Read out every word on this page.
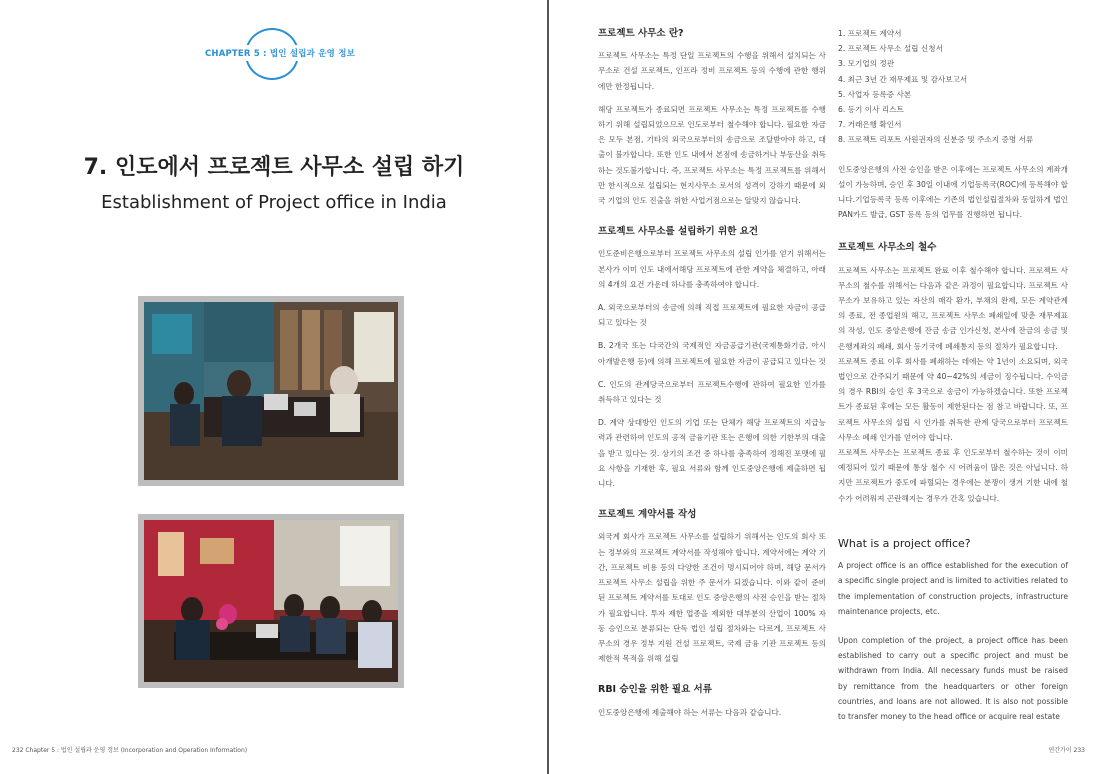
CHAPTER 5 : 법인 설립과 운영 정보
7. 인도에서 프로젝트 사무소 설립 하기
Establishment of Project office in India
232 Chapter 5 : 법인 설립과 운영 정보 (Incorporation and Operation Information)
프로젝트 사무소 란?

프로젝트 사무소는 특정 단일 프로젝트의 수행을 위해서 설치되는 사무소로 건설 프로젝트, 인프라 정비 프로젝트 등의 수행에 관한 행위에만 한정됩니다.

해당 프로젝트가 종료되면 프로젝트 사무소는 특정 프로젝트를 수행하기 위해 설립되었으므로 인도로부터 철수해야 합니다. 필요한 자금은 모두 본점, 기타의 외국으로부터의 송금으로 조달받아야 하고, 대출이 불가합니다. 또한 인도 내에서 본점에 송금하거나 부동산을 취득하는 것도불가합니다. 즉, 프로젝트 사무소는 특정 프로젝트를 위해서만 한시적으로 설립되는 현지사무소 로서의 성격이 강하기 때문에 외국 기업의 인도 진출을 위한 사업거점으로는 알맞지 않습니다.

프로젝트 사무소를 설립하기 위한 요건

인도준비은행으로부터 프로젝트 사무소의 설립 인가를 얻기 위해서는 본사가 이미 인도 내에서해당 프로젝트에 관한 계약을 체결하고, 아래의 4개의 요건 가운데 하나를 충족하여야 합니다.

A. 외국으로부터의 송금에 의해 직접 프로젝트에 필요한 자금이 공급되고 있다는 것

B. 2개국 또는 다국간의 국제적인 자금공급기관(국제통화기금, 아시아개발은행 등)에 의해 프로젝트에 필요한 자금이 공급되고 있다는 것

C. 인도의 관계당국으로부터 프로젝트수행에 관하여 필요한 인가를 취득하고 있다는 것

D. 계약 상대방인 인도의 기업 또는 단체가 해당 프로젝트의 지급능력과 관련하여 인도의 공적 금융기관 또는 은행에 의한 기한부의 대출을 받고 있다는 것. 상기의 조건 중 하나를 충족하여 정해진 포맷에 필요 사항을 기재한 후, 필요 서류와 함께 인도중앙은행에 제출하면 됩니다.

프로젝트 계약서를 작성

외국계 회사가 프로젝트 사무소를 설립하기 위해서는 인도의 회사 또는 정부와의 프로젝트 계약서를 작성해야 합니다. 계약서에는 계약 기간, 프로젝트 비용 등의 다양한 조건이 명시되어야 하며, 해당 문서가 프로젝트 사무소 설립을 위한 주 문서가 되겠습니다. 이와 같이 준비된 프로젝트 계약서를 토대로 인도 중앙은행의 사전 승인을 받는 절차가 필요합니다. 투자 제한 업종을 제외한 대부분의 산업이 100% 자동 승인으로 분류되는 단독 법인 설립 절차와는 다르게, 프로젝트 사무소의 경우 정부 지원 건설 프로젝트, 국제 금융 기관 프로젝트 등의 제한적 목적을 위해 설립

RBI 승인을 위한 필요 서류

인도중앙은행에 제출해야 하는 서류는 다음과 같습니다.

1. 프로젝트 계약서
2. 프로젝트 사무소 설립 신청서
3. 모기업의 정관
4. 최근 3년 간 재무제표 및 감사보고서
5. 사업자 등록증 사본
6. 등기 이사 리스트
7. 거래은행 확인서
8. 프로젝트 리포트 사원권자의 신분증 및 주소지 증명 서류

인도중앙은행의 사전 승인을 받은 이후에는 프로젝트 사무소의 계좌개설이 가능하며, 승인 후 30일 이내에 기업등록국(ROC)에 등록해야 합니다.기업등록국 등록 이후에는 기존의 법인설립절차와 동일하게 법인 PAN카드 발급, GST 등록 등의 업무를 진행하면 됩니다.

프로젝트 사무소의 철수

프로젝트 사무소는 프로젝트 완료 이후 철수해야 합니다. 프로젝트 사무소의 철수를 위해서는 다음과 같은 과정이 필요합니다. 프로젝트 사무소가 보유하고 있는 자산의 매각 환가, 부채의 완제, 모든 계약관계의 종료, 전 종업원의 해고, 프로젝트 사무소 폐쇄일에 맞춘 재무제표의 작성, 인도 중앙은행에 잔금 송금 인가신청, 본사에 잔금의 송금 및 은행계좌의 폐쇄, 회사 등기국에 폐쇄통지 등의 절차가 필요합니다.

프로젝트 종료 이후 회사를 폐쇄하는 데에는 약 1년이 소요되며, 외국 법인으로 간주되기 때문에 약 40~42%의 세금이 징수됩니다. 수익금의 경우 RBI의 승인 후 3국으로 송금이 가능하겠습니다. 또한 프로젝트가 종료된 후에는 모든 활동이 제한된다는 점 참고 바랍니다. 또, 프로젝트 사무소의 설립 시 인가를 취득한 관계 당국으로부터 프로젝트 사무소 폐쇄 인가를 얻어야 합니다.

프로젝트 사무소는 프로젝트 종료 후 인도로부터 철수하는 것이 이미 예정되어 있기 때문에 통상 철수 시 어려움이 많은 것은 아닙니다. 하지만 프로젝트가 중도에 파혈되는 경우에는 분쟁이 생겨 기한 내에 철수가 어려워져 곤란해지는 경우가 간혹 있습니다.

What is a project office?

A project office is an office established for the execution of a specific single project and is limited to activities related to the implementation of construction projects, infrastructure maintenance projects, etc.

Upon completion of the project, a project office has been established to carry out a specific project and must be withdrawn from India. All necessary funds must be raised by remittance from the headquarters or other foreign countries, and loans are not allowed. It is also not possible to transfer money to the head office or acquire real estate

연간가이 233
